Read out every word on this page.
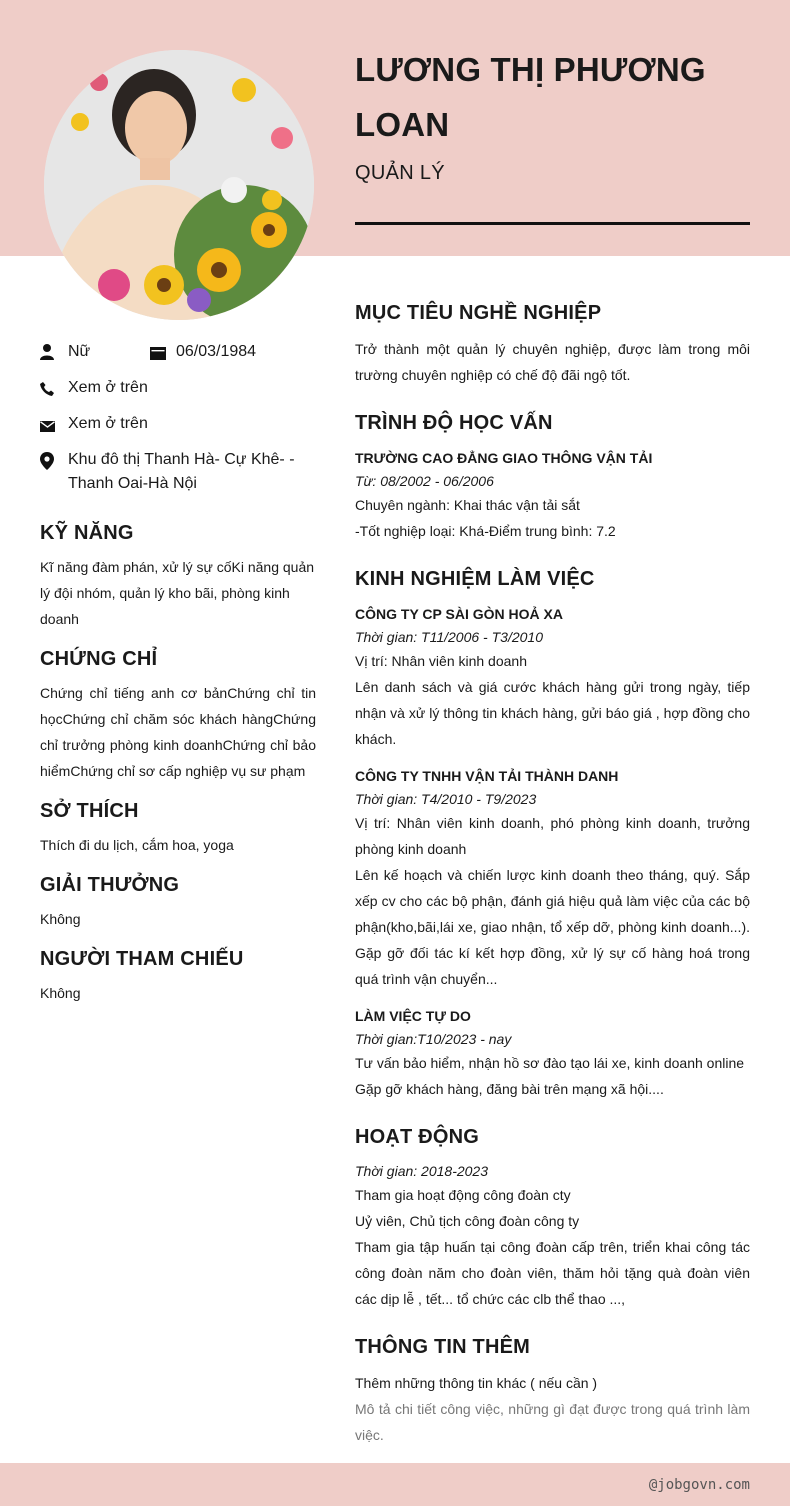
LƯƠNG THỊ PHƯƠNG LOAN
QUẢN LÝ
Nữ	06/03/1984
Xem ở trên
Xem ở trên
Khu đô thị Thanh Hà- Cự Khê- - Thanh Oai-Hà Nội
KỸ NĂNG

Kĩ năng đàm phán, xử lý sự cốKi năng quản lý đội nhóm, quản lý kho bãi, phòng kinh doanh

CHỨNG CHỈ

Chứng chỉ tiếng anh cơ bảnChứng chỉ tin họcChứng chỉ chăm sóc khách hàngChứng chỉ trưởng phòng kinh doanhChứng chỉ bảo hiểmChứng chỉ sơ cấp nghiệp vụ sư phạm

SỞ THÍCH

Thích đi du lịch, cắm hoa, yoga

GIẢI THƯỞNG

Không

NGƯỜI THAM CHIẾU

Không

MỤC TIÊU NGHỀ NGHIỆP

Trở thành một quản lý chuyên nghiệp, được làm trong môi trường chuyên nghiệp có chế độ đãi ngộ tốt.

TRÌNH ĐỘ HỌC VẤN

TRƯỜNG CAO ĐẲNG GIAO THÔNG VẬN TẢI

Từ: 08/2002 - 06/2006

Chuyên ngành: Khai thác vận tải sắt

-Tốt nghiệp loại: Khá-Điểm trung bình: 7.2

KINH NGHIỆM LÀM VIỆC

CÔNG TY CP SÀI GÒN HOẢ XA

Thời gian: T11/2006 - T3/2010

Vị trí: Nhân viên kinh doanh

Lên danh sách và giá cước khách hàng gửi trong ngày, tiếp nhận và xử lý thông tin khách hàng, gửi báo giá , hợp đồng cho khách.

CÔNG TY TNHH VẬN TẢI THÀNH DANH

Thời gian: T4/2010 - T9/2023

Vị trí: Nhân viên kinh doanh, phó phòng kinh doanh, trưởng phòng kinh doanh

Lên kế hoạch và chiến lược kinh doanh theo tháng, quý. Sắp xếp cv cho các bộ phận, đánh giá hiệu quả làm việc của các bộ phận(kho,bãi,lái xe, giao nhận, tổ xếp dỡ, phòng kinh doanh...). Gặp gỡ đối tác kí kết hợp đồng, xử lý sự cố hàng hoá trong quá trình vận chuyển...

LÀM VIỆC TỰ DO

Thời gian:T10/2023 - nay

Tư vấn bảo hiểm, nhận hồ sơ đào tạo lái xe, kinh doanh online

Gặp gỡ khách hàng, đăng bài trên mạng xã hội....

HOẠT ĐỘNG

Thời gian: 2018-2023

Tham gia hoạt động công đoàn cty

Uỷ viên, Chủ tịch công đoàn công ty

Tham gia tập huấn tại công đoàn cấp trên, triển khai công tác công đoàn năm cho đoàn viên, thăm hỏi tặng quà đoàn viên các dịp lễ , tết... tổ chức các clb thể thao ...,

THÔNG TIN THÊM

Thêm những thông tin khác ( nếu cần )

Mô tả chi tiết công việc, những gì đạt được trong quá trình làm việc.

@jobgovn.com
